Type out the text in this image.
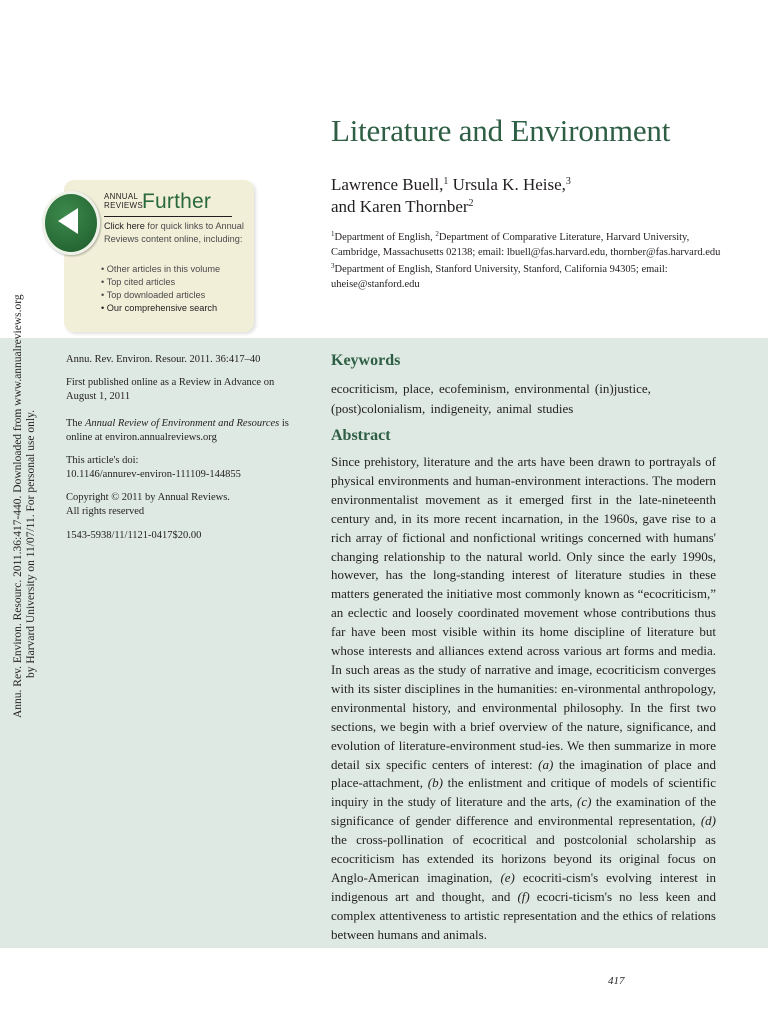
Annu. Rev. Environ. Resourc. 2011.36:417-440. Downloaded from www.annualreviews.org by Harvard University on 11/07/11. For personal use only.
Literature and Environment
Lawrence Buell,$^1$ Ursula K. Heise,$^3$
and Karen Thornber$^2$
$^1$Department of English, $^2$Department of Comparative Literature, Harvard University, Cambridge, Massachusetts 02138; email: lbuell@fas.harvard.edu, thornber@fas.harvard.edu
$^3$Department of English, Stanford University, Stanford, California 94305; email: uheise@stanford.edu
ANNUAL
REVIEWS Further
Click here for quick links to Annual Reviews content online, including:
• Other articles in this volume
• Top cited articles
• Top downloaded articles
• Our comprehensive search
Annu. Rev. Environ. Resour. 2011. 36:417–40
First published online as a Review in Advance on August 1, 2011
The Annual Review of Environment and Resources is online at environ.annualreviews.org
This article's doi:
10.1146/annurev-environ-111109-144855
Copyright © 2011 by Annual Reviews.
All rights reserved
1543-5938/11/1121-0417$20.00
Keywords
ecocriticism, place, ecofeminism, environmental (in)justice, (post)colonialism, indigeneity, animal studies
Abstract
Since prehistory, literature and the arts have been drawn to portrayals of physical environments and human-environment interactions. The modern environmentalist movement as it emerged first in the late-nineteenth century and, in its more recent incarnation, in the 1960s, gave rise to a rich array of fictional and nonfictional writings concerned with humans' changing relationship to the natural world. Only since the early 1990s, however, has the long-standing interest of literature studies in these matters generated the initiative most commonly known as “ecocriticism,” an eclectic and loosely coordinated movement whose contributions thus far have been most visible within its home discipline of literature but whose interests and alliances extend across various art forms and media. In such areas as the study of narrative and image, ecocriticism converges with its sister disciplines in the humanities: en-vironmental anthropology, environmental history, and environmental philosophy. In the first two sections, we begin with a brief overview of the nature, significance, and evolution of literature-environment stud-ies. We then summarize in more detail six specific centers of interest: (a) the imagination of place and place-attachment, (b) the enlistment and critique of models of scientific inquiry in the study of literature and the arts, (c) the examination of the significance of gender difference and environmental representation, (d) the cross-pollination of ecocritical and postcolonial scholarship as ecocriticism has extended its horizons beyond its original focus on Anglo-American imagination, (e) ecocriti-cism's evolving interest in indigenous art and thought, and (f) ecocri-ticism's no less keen and complex attentiveness to artistic representation and the ethics of relations between humans and animals.
417
